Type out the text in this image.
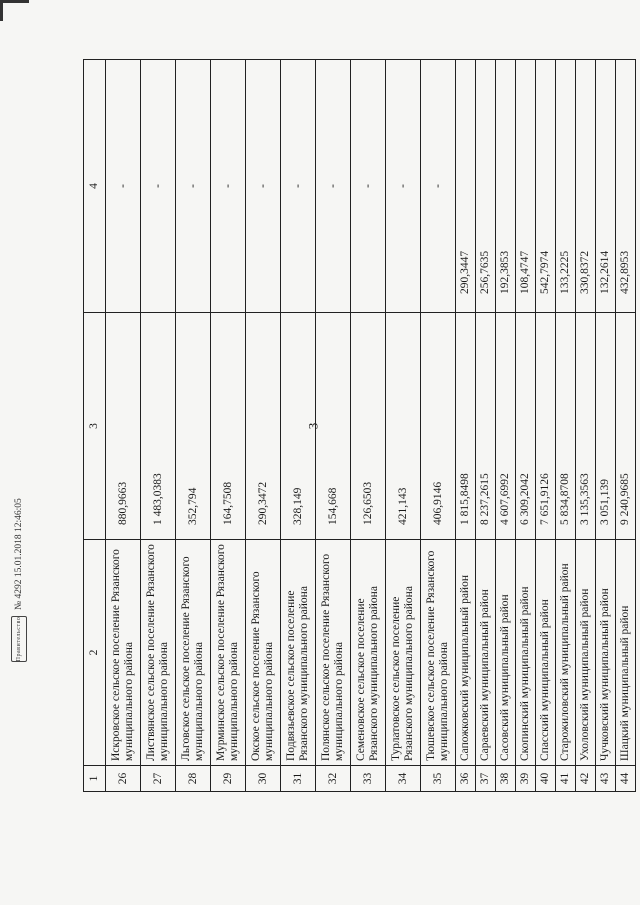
3
1	2	3	4
26	Искровское сельское поселение Рязанского муниципального района	880,9663	-
27	Листвянское сельское поселение Рязанского муниципального района	1 483,0383	-
28	Льговское сельское поселение Рязанского муниципального района	352,794	-
29	Мурминское сельское поселение Рязанского муниципального района	164,7508	-
30	Окское сельское поселение Рязанского муниципального района	290,3472	-
31	Подвязьевское сельское поселение Рязанского муниципального района	328,149	-
32	Полянское сельское поселение Рязанского муниципального района	154,668	-
33	Семеновское сельское поселение Рязанского муниципального района	126,6503	-
34	Турлатовское сельское поселение Рязанского муниципального района	421,143	-
35	Тюшевское сельское поселение Рязанского муниципального района	406,9146	-
36	Сапожковский муниципальный район	1 815,8498	290,3447
37	Сараевский муниципальный район	8 237,2615	256,7635
38	Сасовский муниципальный район	4 607,6992	192,3853
39	Скопинский муниципальный район	6 309,2042	108,4747
40	Спасский муниципальный район	7 651,9126	542,7974
41	Старожиловский муниципальный район	5 834,8708	133,2225
42	Ухоловский муниципальный район	3 135,3563	330,8372
43	Чучковский муниципальный район	3 051,139	132,2614
44	Шацкий муниципальный район	9 240,9685	432,8953
Правительство
№ 4292 15.01.2018 12:46:05
